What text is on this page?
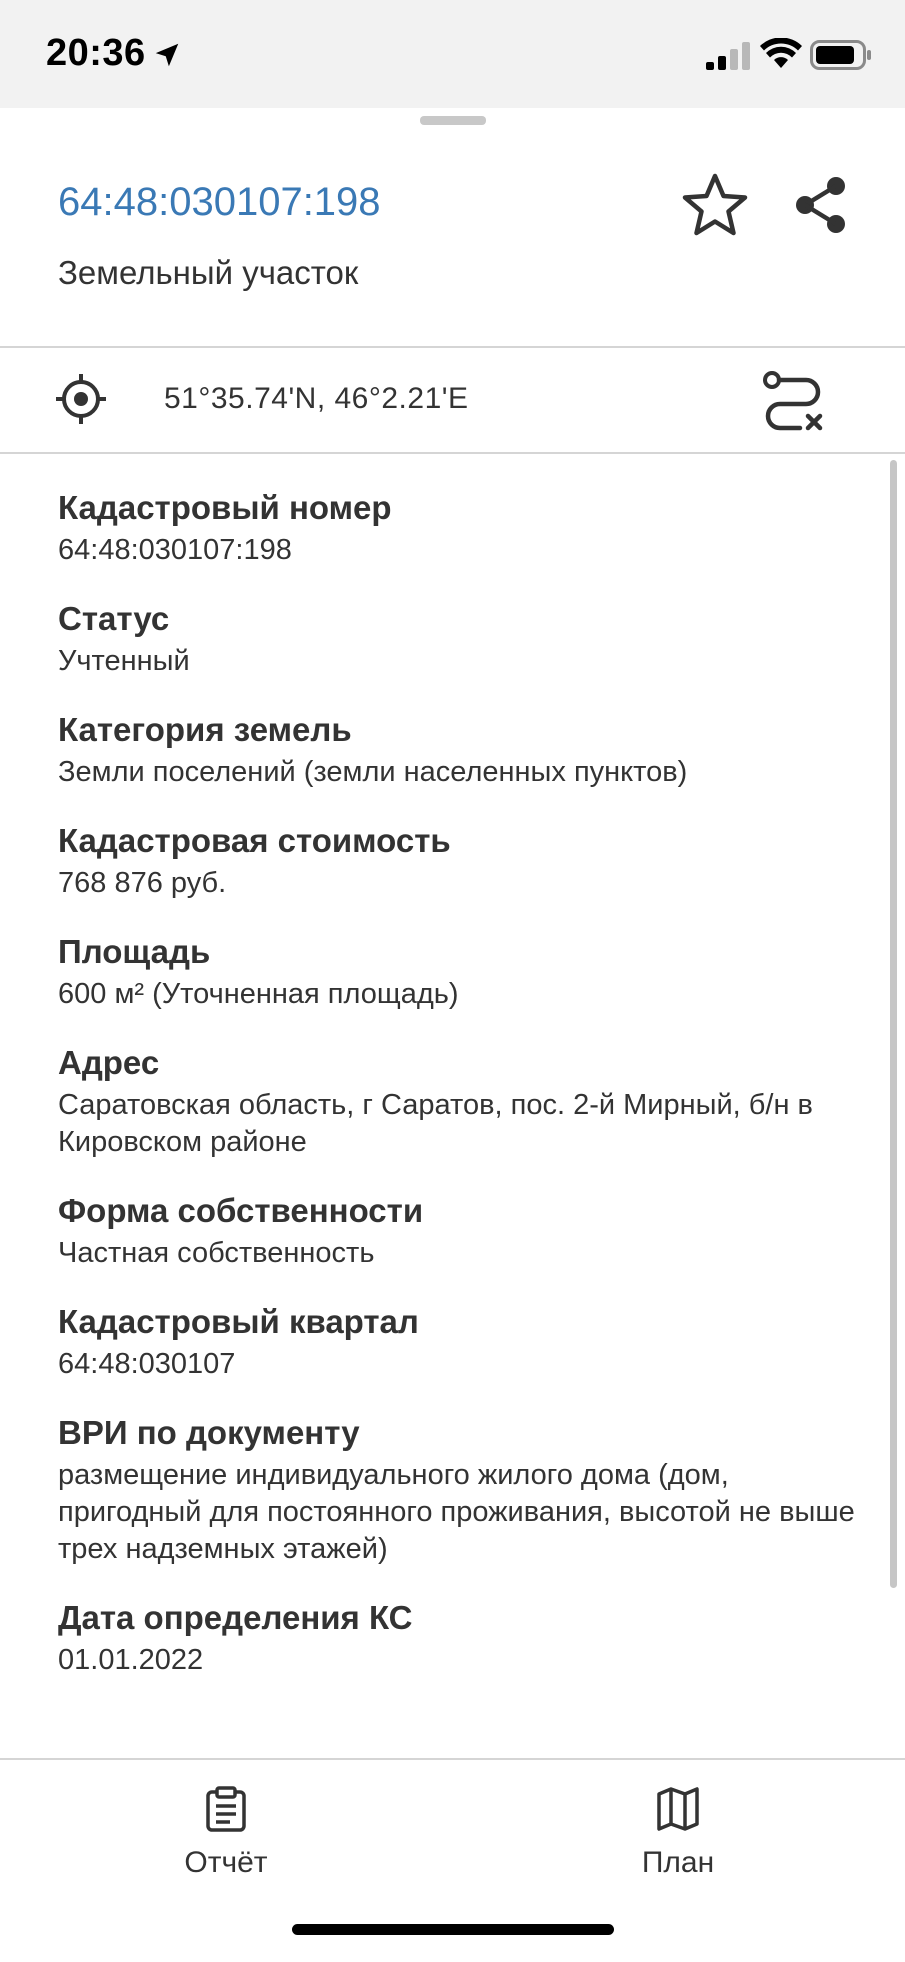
20:36
64:48:030107:198
Земельный участок
51°35.74'N, 46°2.21'E
Кадастровый номер
64:48:030107:198
Статус
Учтенный
Категория земель
Земли поселений (земли населенных пунктов)
Кадастровая стоимость
768 876 руб.
Площадь
600 м² (Уточненная площадь)
Адрес
Саратовская область, г Саратов, пос. 2-й Мирный, б/н в Кировском районе
Форма собственности
Частная собственность
Кадастровый квартал
64:48:030107
ВРИ по документу
размещение индивидуального жилого дома (дом, пригодный для постоянного проживания, высотой не выше трех надземных этажей)
Дата определения КС
01.01.2022
Отчёт	План
